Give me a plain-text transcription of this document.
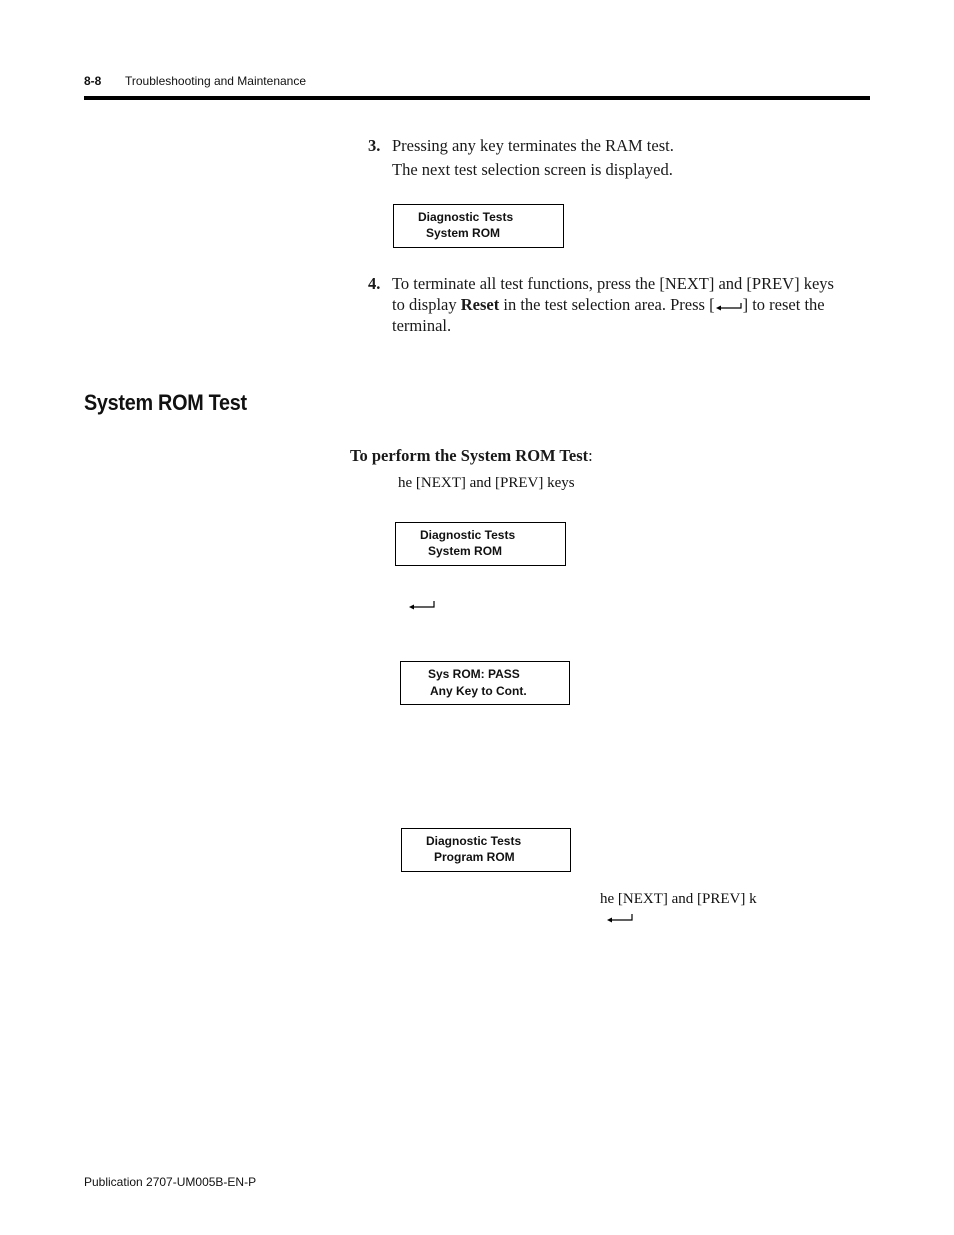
8-8 Troubleshooting and Maintenance
3. Pressing any key terminates the RAM test.
The next test selection screen is displayed.
Diagnostic Tests
System ROM
4. To terminate all test functions, press the [NEXT] and [PREV] keys
to display Reset in the test selection area. Press [ ] to reset the
terminal.
System ROM Test
To perform the System ROM Test:
he [NEXT] and [PREV] keys
Diagnostic Tests
System ROM
Sys ROM: PASS
Any Key to Cont.
Diagnostic Tests
Program ROM
he [NEXT] and [PREV] k
Publication 2707-UM005B-EN-P
